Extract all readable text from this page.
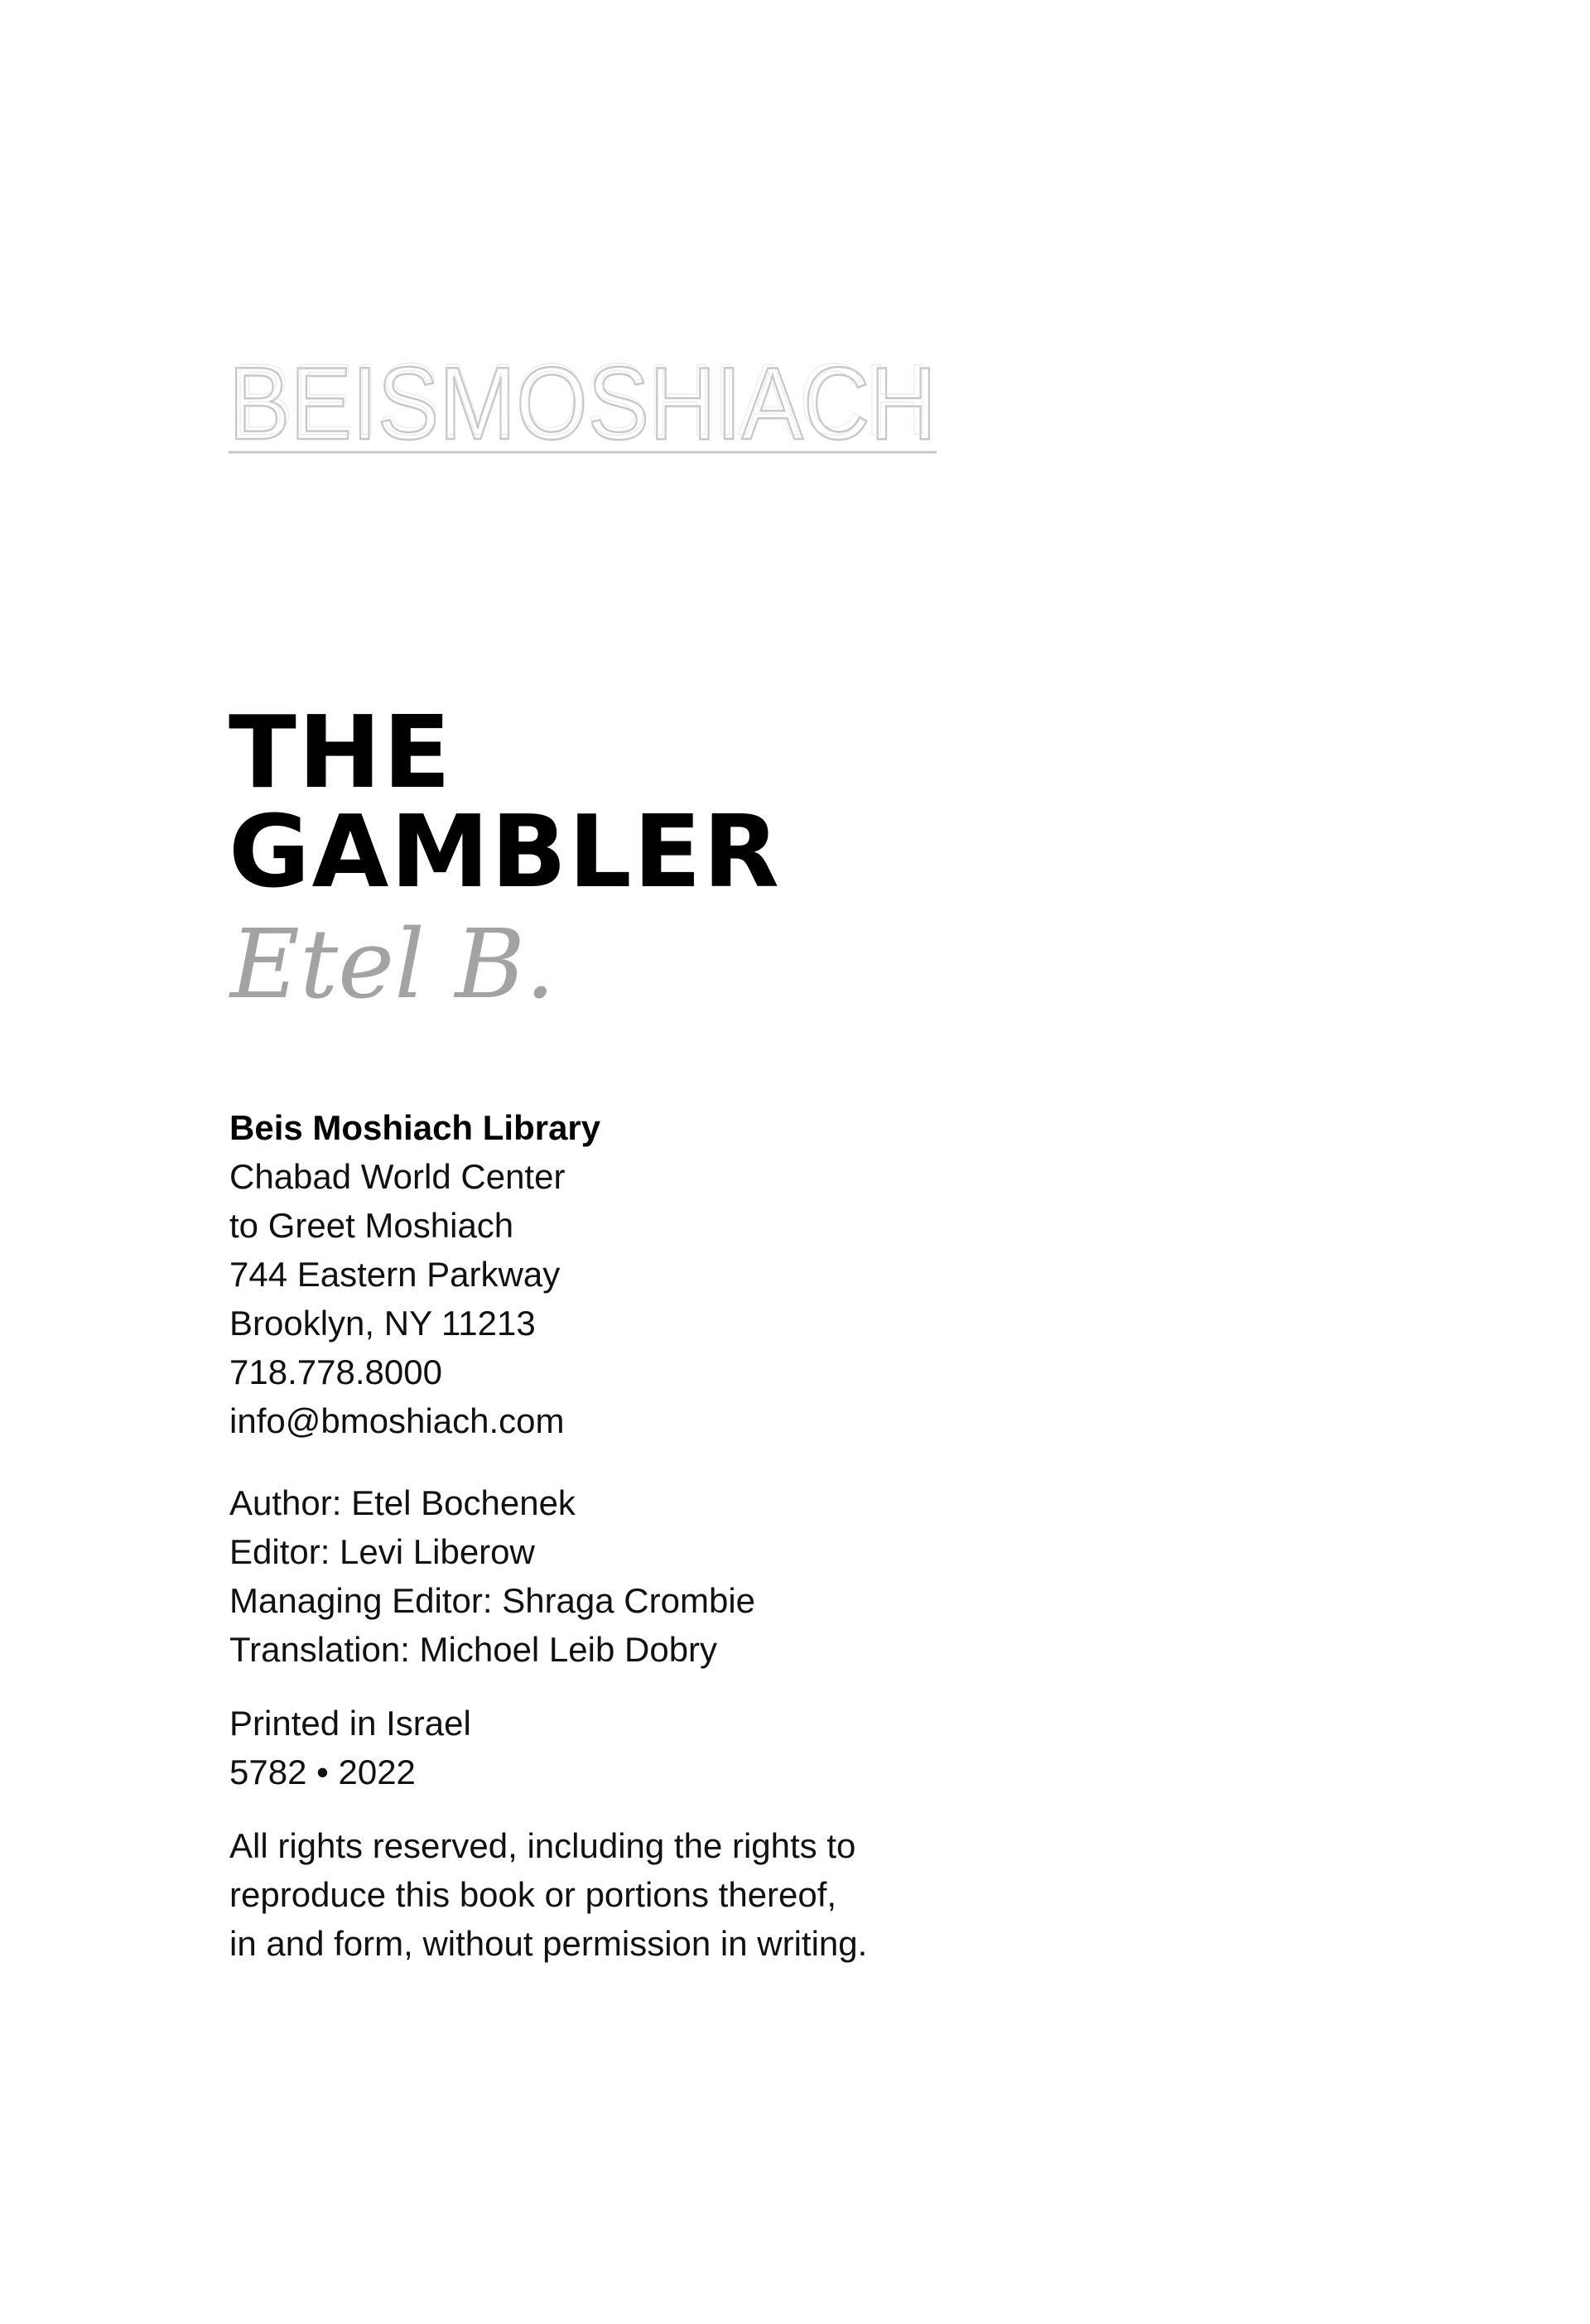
BEISMOSHIACH
BEISMOSHIACH
THE
GAMBLER
Etel B.
Beis Moshiach Library
Chabad World Center
to Greet Moshiach
744 Eastern Parkway
Brooklyn, NY 11213
718.778.8000
info@bmoshiach.com
Author: Etel Bochenek
Editor: Levi Liberow
Managing Editor: Shraga Crombie
Translation: Michoel Leib Dobry
Printed in Israel
5782 • 2022
All rights reserved, including the rights to
reproduce this book or portions thereof,
in and form, without permission in writing.
